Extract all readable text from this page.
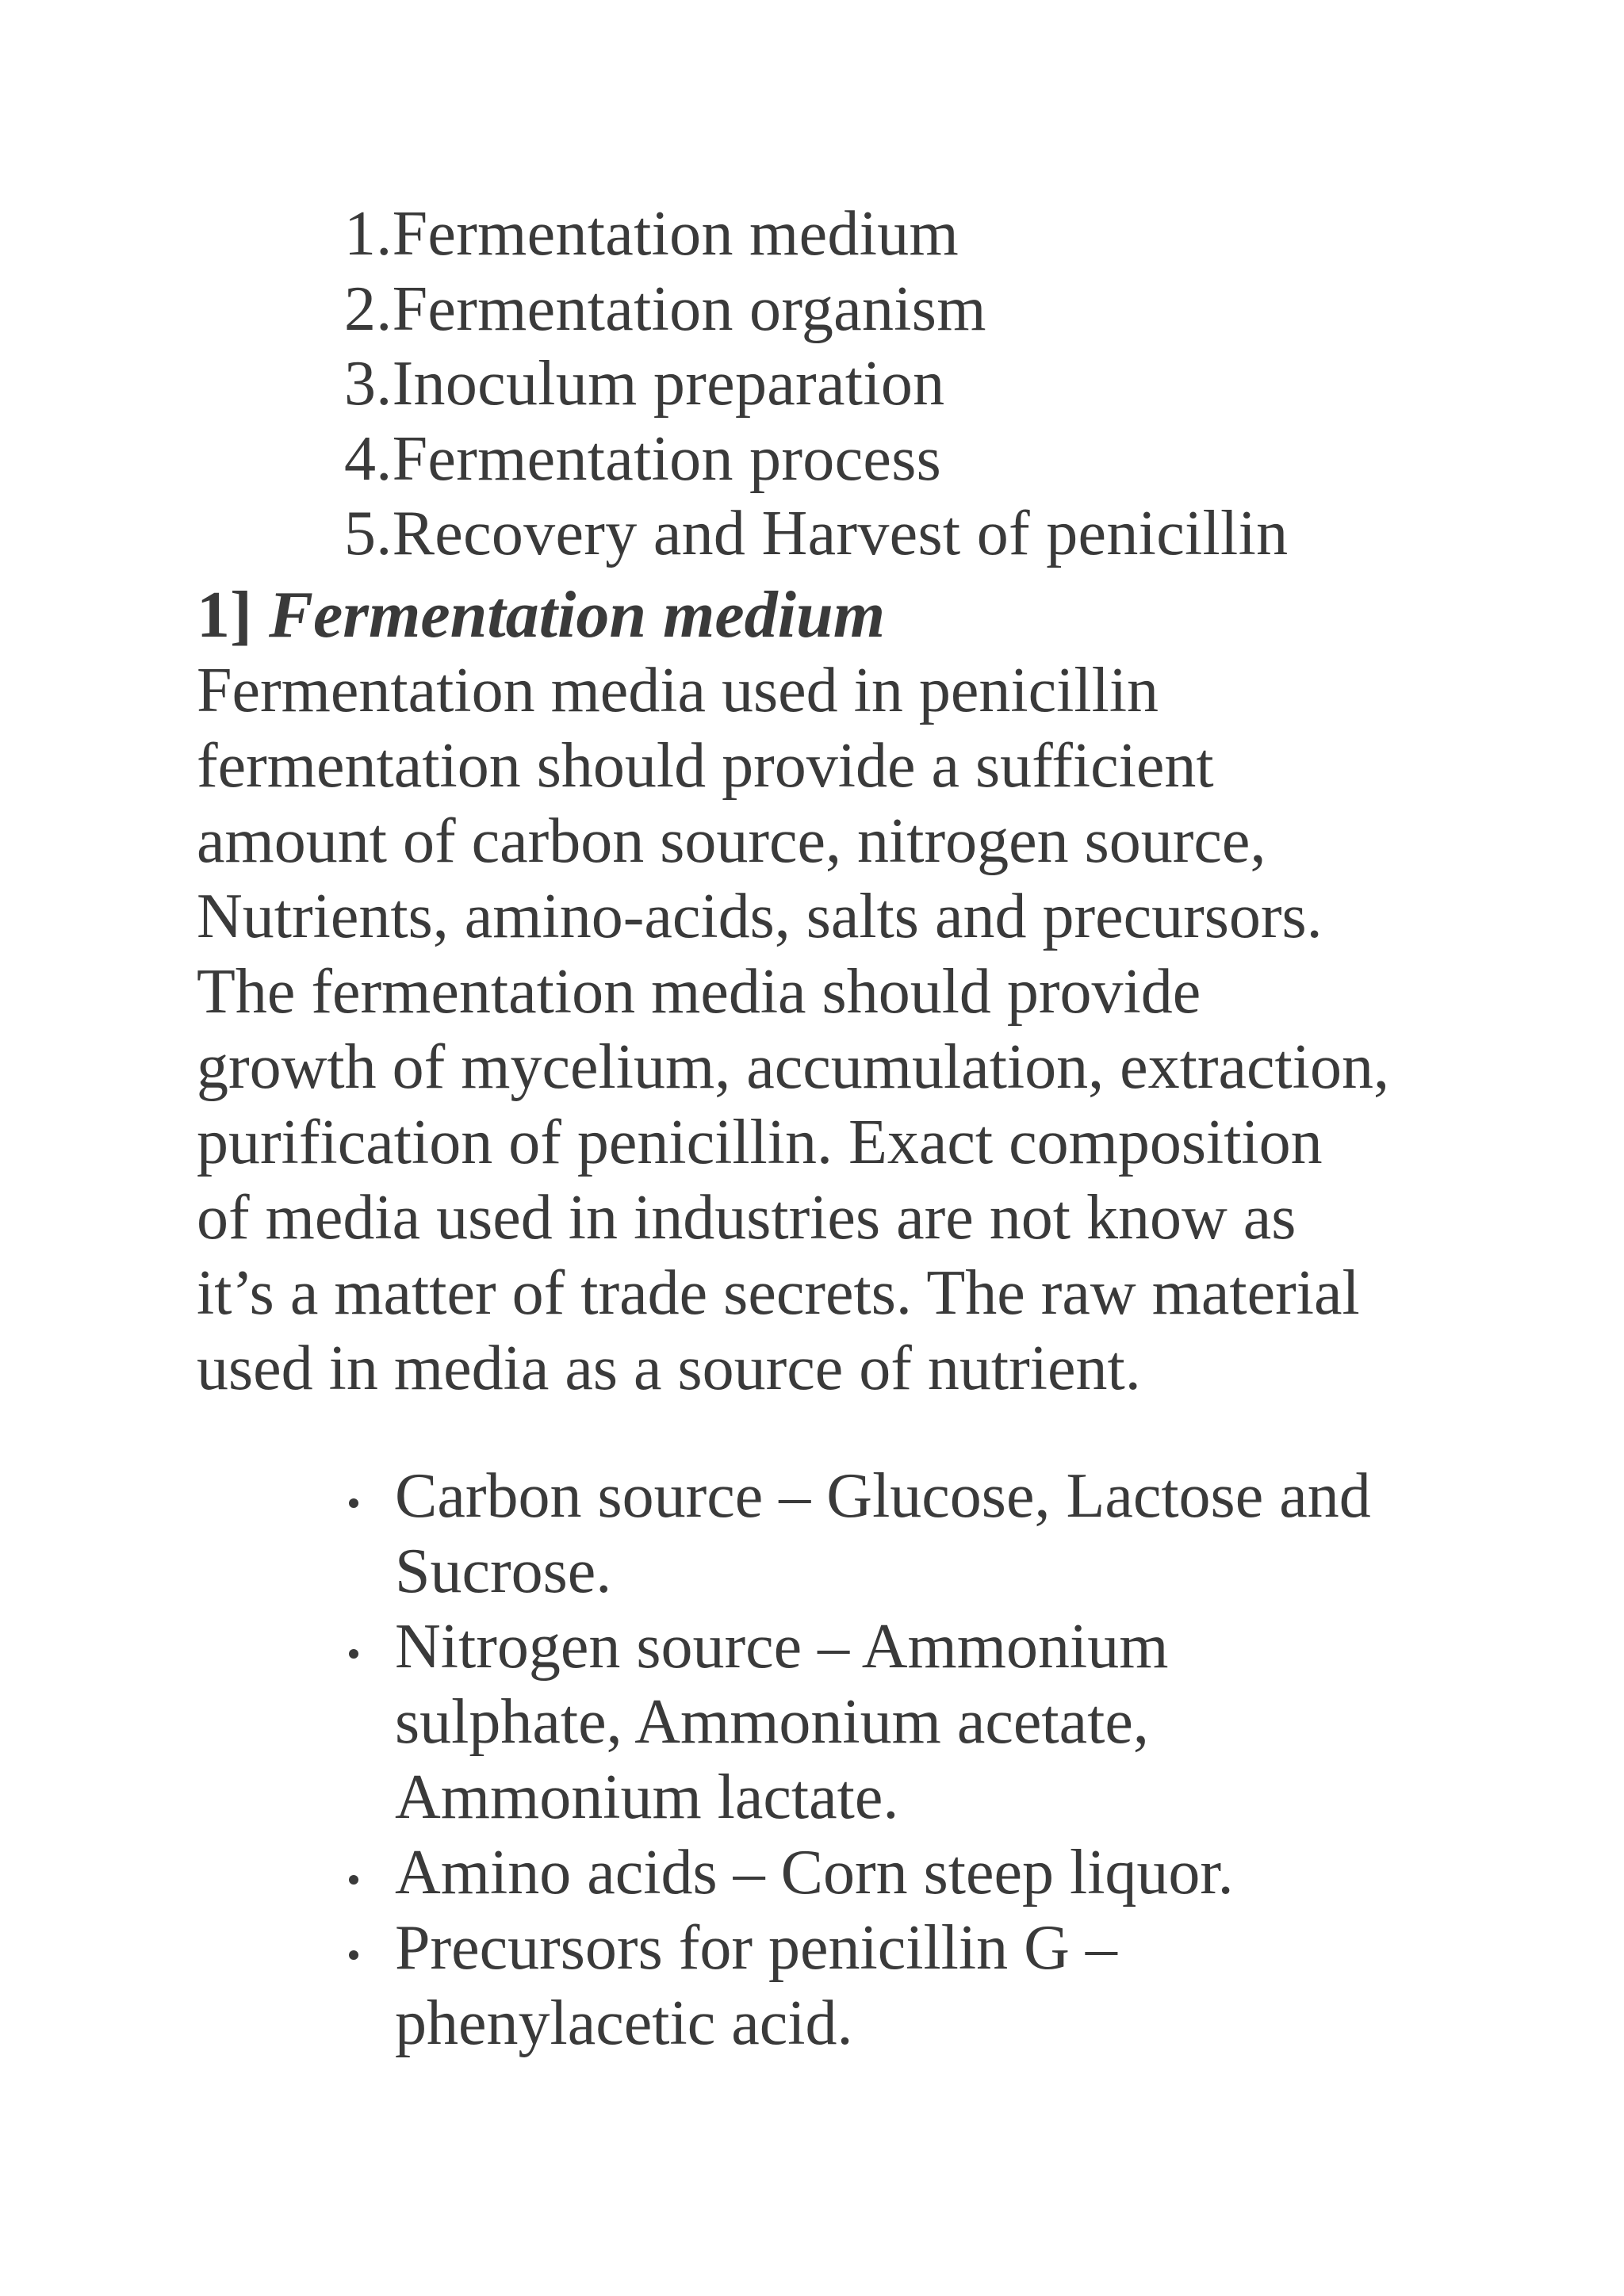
1.Fermentation medium
2.Fermentation organism
3.Inoculum preparation
4.Fermentation process
5.Recovery and Harvest of penicillin
1] Fermentation medium

Fermentation media used in penicillin
fermentation should provide a sufficient
amount of carbon source, nitrogen source,
Nutrients, amino-acids, salts and precursors.
The fermentation media should provide
growth of mycelium, accumulation, extraction,
purification of penicillin. Exact composition
of media used in industries are not know as
it’s a matter of trade secrets. The raw material
used in media as a source of nutrient.

Carbon source – Glucose, Lactose and
Sucrose.
Nitrogen source – Ammonium
sulphate, Ammonium acetate,
Ammonium lactate.
Amino acids – Corn steep liquor.
Precursors for penicillin G –
phenylacetic acid.
